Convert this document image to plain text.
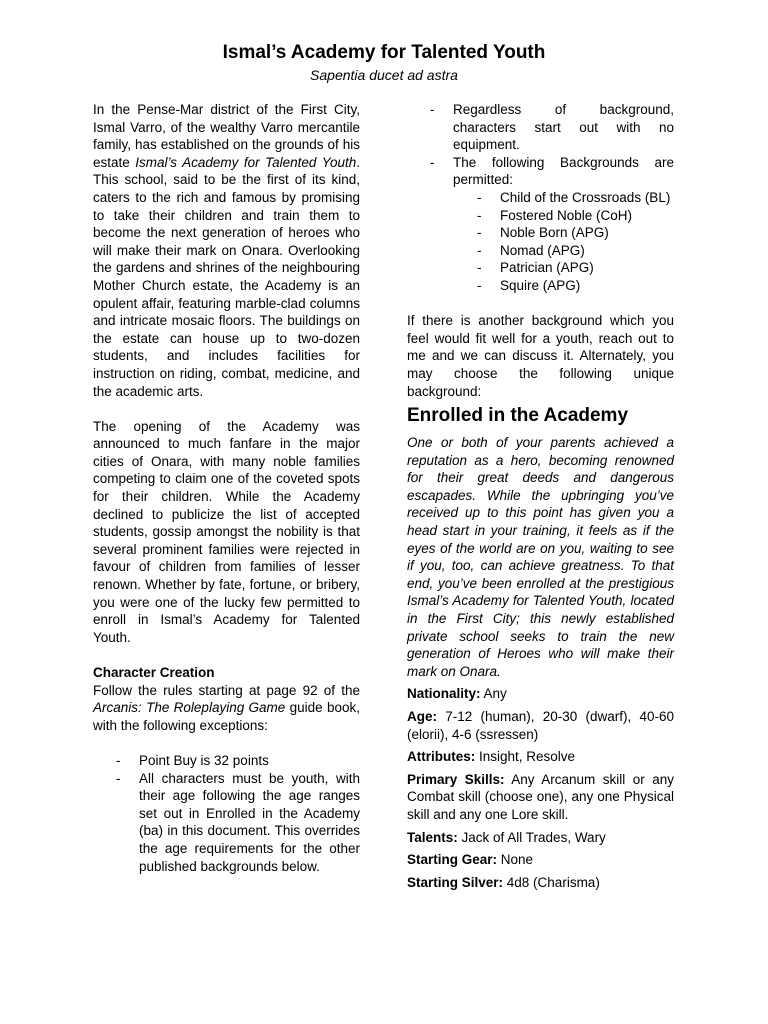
Ismal’s Academy for Talented Youth
Sapentia ducet ad astra

In the Pense-Mar district of the First City, Ismal Varro, of the wealthy Varro mercantile family, has established on the grounds of his estate Ismal’s Academy for Talented Youth. This school, said to be the first of its kind, caters to the rich and famous by promising to take their children and train them to become the next generation of heroes who will make their mark on Onara. Overlooking the gardens and shrines of the neighbouring Mother Church estate, the Academy is an opulent affair, featuring marble-clad columns and intricate mosaic floors. The buildings on the estate can house up to two-dozen students, and includes facilities for instruction on riding, combat, medicine, and the academic arts.

The opening of the Academy was announced to much fanfare in the major cities of Onara, with many noble families competing to claim one of the coveted spots for their children. While the Academy declined to publicize the list of accepted students, gossip amongst the nobility is that several prominent families were rejected in favour of children from families of lesser renown. Whether by fate, fortune, or bribery, you were one of the lucky few permitted to enroll in Ismal’s Academy for Talented Youth.

Character Creation

Follow the rules starting at page 92 of the Arcanis: The Roleplaying Game guide book, with the following exceptions:

-	Point Buy is 32 points
-	All characters must be youth, with their age following the age ranges set out in Enrolled in the Academy (ba) in this document. This overrides the age requirements for the other published backgrounds below.
-	Regardless of background, characters start out with no equipment.
-	The following Backgrounds are permitted:
-	Child of the Crossroads (BL)
-	Fostered Noble (CoH)
-	Noble Born (APG)
-	Nomad (APG)
-	Patrician (APG)
-	Squire (APG)

If there is another background which you feel would fit well for a youth, reach out to me and we can discuss it. Alternately, you may choose the following unique background:

Enrolled in the Academy

One or both of your parents achieved a reputation as a hero, becoming renowned for their great deeds and dangerous escapades. While the upbringing you’ve received up to this point has given you a head start in your training, it feels as if the eyes of the world are on you, waiting to see if you, too, can achieve greatness. To that end, you’ve been enrolled at the prestigious Ismal’s Academy for Talented Youth, located in the First City; this newly established private school seeks to train the new generation of Heroes who will make their mark on Onara.

Nationality: Any

Age: 7-12 (human), 20-30 (dwarf), 40-60 (elorii), 4-6 (ssressen)

Attributes: Insight, Resolve

Primary Skills: Any Arcanum skill or any Combat skill (choose one), any one Physical skill and any one Lore skill.

Talents: Jack of All Trades, Wary

Starting Gear: None

Starting Silver: 4d8 (Charisma)
